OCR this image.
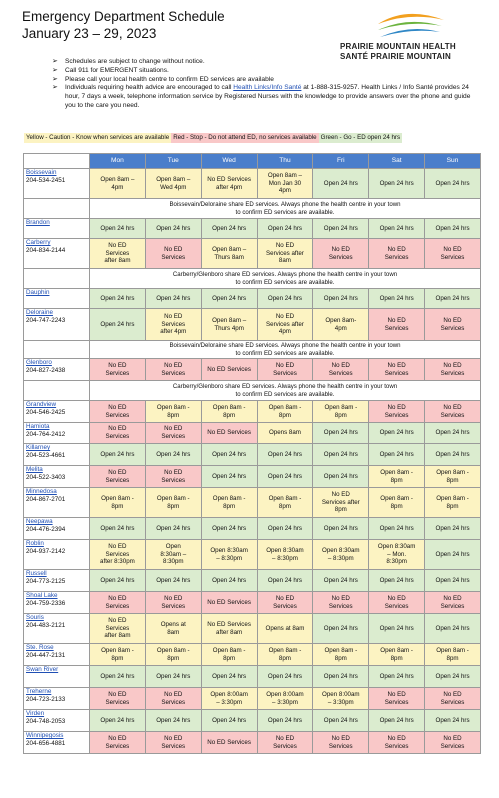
Emergency Department Schedule
January 23 – 29, 2023
PRAIRIE MOUNTAIN HEALTH
SANTÉ PRAIRIE MOUNTAIN
➢ Schedules are subject to change without notice.
➢ Call 911 for EMERGENT situations.
➢ Please call your local health centre to confirm ED services are available
➢ Individuals requiring health advice are encouraged to call Health Links/Info Santé at 1-888-315-9257. Health Links / Info Santé provides 24 hour, 7 days a week, telephone information service by Registered Nurses with the knowledge to provide answers over the phone and guide you to the care you need.
Yellow - Caution - Know when services are available Red - Stop - Do not attend ED, no services available Green - Go - ED open 24 hrs
	Mon	Tue	Wed	Thu	Fri	Sat	Sun

Boissevain
204-534-2451	Open 8am –
4pm	Open 8am –
Wed 4pm	No ED Services
after 4pm	Open 8am –
Mon Jan 30
4pm	Open 24 hrs	Open 24 hrs	Open 24 hrs
	Boissevain/Deloraine share ED services. Always phone the health centre in your town
to confirm ED services are available.						

Brandon	Open 24 hrs	Open 24 hrs	Open 24 hrs	Open 24 hrs	Open 24 hrs	Open 24 hrs	Open 24 hrs

Carberry
204-834-2144	No ED
Services
after 8am	No ED
Services	Open 8am –
Thurs 8am	No ED
Services after
8am	No ED
Services	No ED
Services	No ED
Services
	Carberry/Glenboro share ED services. Always phone the health centre in your town
to confirm ED services are available.						

Dauphin	Open 24 hrs	Open 24 hrs	Open 24 hrs	Open 24 hrs	Open 24 hrs	Open 24 hrs	Open 24 hrs

Deloraine
204-747-2243	Open 24 hrs	No ED
Services
after 4pm	Open 8am –
Thurs 4pm	No ED
Services after
4pm	Open 8am-
4pm	No ED
Services	No ED
Services
	Boissevain/Deloraine share ED services. Always phone the health centre in your town
to confirm ED services are available.						

Glenboro
204-827-2438	No ED
Services	No ED
Services	No ED Services	No ED
Services	No ED
Services	No ED
Services	No ED
Services
	Carberry/Glenboro share ED services. Always phone the health centre in your town
to confirm ED services are available.						

Grandview
204-546-2425	No ED
Services	Open 8am -
8pm	Open 8am -
8pm	Open 8am -
8pm	Open 8am -
8pm	No ED
Services	No ED
Services

Hamiota
204-764-2412	No ED
Services	No ED
Services	No ED Services	Opens 8am	Open 24 hrs	Open 24 hrs	Open 24 hrs

Killarney
204-523-4661	Open 24 hrs	Open 24 hrs	Open 24 hrs	Open 24 hrs	Open 24 hrs	Open 24 hrs	Open 24 hrs

Melita
204-522-3403	No ED
Services	No ED
Services	Open 24 hrs	Open 24 hrs	Open 24 hrs	Open 8am -
8pm	Open 8am -
8pm

Minnedosa
204-867-2701	Open 8am -
8pm	Open 8am -
8pm	Open 8am -
8pm	Open 8am -
8pm	No ED
Services after
8pm	Open 8am -
8pm	Open 8am -
8pm

Neepawa
204-476-2394	Open 24 hrs	Open 24 hrs	Open 24 hrs	Open 24 hrs	Open 24 hrs	Open 24 hrs	Open 24 hrs

Roblin
204-937-2142	No ED
Services
after 8:30pm	Open
8:30am –
8:30pm	Open 8:30am
– 8:30pm	Open 8:30am
– 8:30pm	Open 8:30am
– 8:30pm	Open 8:30am
– Mon.
8:30pm	Open 24 hrs

Russell
204-773-2125	Open 24 hrs	Open 24 hrs	Open 24 hrs	Open 24 hrs	Open 24 hrs	Open 24 hrs	Open 24 hrs

Shoal Lake
204-759-2336	No ED
Services	No ED
Services	No ED Services	No ED
Services	No ED
Services	No ED
Services	No ED
Services

Souris
204-483-2121	No ED
Services
after 8am	Opens at
8am	No ED Services
after 8am	Opens at 8am	Open 24 hrs	Open 24 hrs	Open 24 hrs

Ste. Rose
204-447-2131	Open 8am -
8pm	Open 8am -
8pm	Open 8am -
8pm	Open 8am -
8pm	Open 8am -
8pm	Open 8am -
8pm	Open 8am -
8pm

Swan River	Open 24 hrs	Open 24 hrs	Open 24 hrs	Open 24 hrs	Open 24 hrs	Open 24 hrs	Open 24 hrs

Treherne
204-723-2133	No ED
Services	No ED
Services	Open 8:00am
– 3:30pm	Open 8:00am
– 3:30pm	Open 8:00am
– 3:30pm	No ED
Services	No ED
Services

Virden
204-748-2053	Open 24 hrs	Open 24 hrs	Open 24 hrs	Open 24 hrs	Open 24 hrs	Open 24 hrs	Open 24 hrs

Winnipegosis
204-656-4881	No ED
Services	No ED
Services	No ED Services	No ED
Services	No ED
Services	No ED
Services	No ED
Services
